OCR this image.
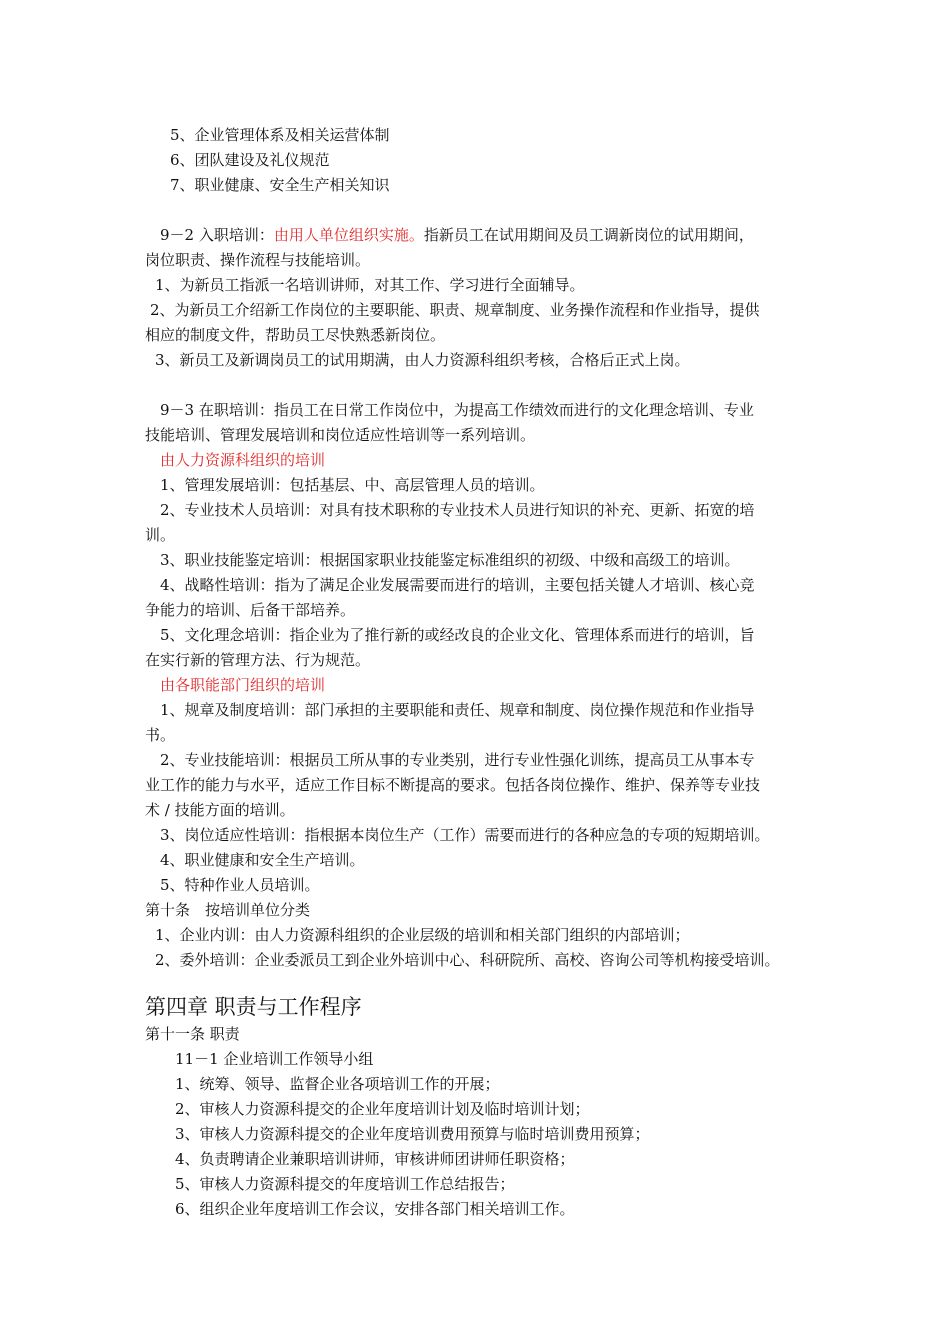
5、企业管理体系及相关运营体制
6、团队建设及礼仪规范
7、职业健康、安全生产相关知识
9－2 入职培训：由用人单位组织实施。指新员工在试用期间及员工调新岗位的试用期间，
岗位职责、操作流程与技能培训。
1、为新员工指派一名培训讲师，对其工作、学习进行全面辅导。
2、为新员工介绍新工作岗位的主要职能、职责、规章制度、业务操作流程和作业指导，提供
相应的制度文件，帮助员工尽快熟悉新岗位。
3、新员工及新调岗员工的试用期满，由人力资源科组织考核，合格后正式上岗。
9－3 在职培训：指员工在日常工作岗位中，为提高工作绩效而进行的文化理念培训、专业
技能培训、管理发展培训和岗位适应性培训等一系列培训。
由人力资源科组织的培训
1、管理发展培训：包括基层、中、高层管理人员的培训。
2、专业技术人员培训：对具有技术职称的专业技术人员进行知识的补充、更新、拓宽的培
训。
3、职业技能鉴定培训：根据国家职业技能鉴定标准组织的初级、中级和高级工的培训。
4、战略性培训：指为了满足企业发展需要而进行的培训，主要包括关键人才培训、核心竞
争能力的培训、后备干部培养。
5、文化理念培训：指企业为了推行新的或经改良的企业文化、管理体系而进行的培训，旨
在实行新的管理方法、行为规范。
由各职能部门组织的培训
1、规章及制度培训：部门承担的主要职能和责任、规章和制度、岗位操作规范和作业指导
书。
2、专业技能培训：根据员工所从事的专业类别，进行专业性强化训练，提高员工从事本专
业工作的能力与水平，适应工作目标不断提高的要求。包括各岗位操作、维护、保养等专业技
术 / 技能方面的培训。
3、岗位适应性培训：指根据本岗位生产（工作）需要而进行的各种应急的专项的短期培训。
4、职业健康和安全生产培训。
5、特种作业人员培训。
第十条　按培训单位分类
1、企业内训：由人力资源科组织的企业层级的培训和相关部门组织的内部培训；
2、委外培训：企业委派员工到企业外培训中心、科研院所、高校、咨询公司等机构接受培训。
第十一条 职责
11－1 企业培训工作领导小组
1、统筹、领导、监督企业各项培训工作的开展；
2、审核人力资源科提交的企业年度培训计划及临时培训计划；
3、审核人力资源科提交的企业年度培训费用预算与临时培训费用预算；
4、负责聘请企业兼职培训讲师，审核讲师团讲师任职资格；
5、审核人力资源科提交的年度培训工作总结报告；
6、组织企业年度培训工作会议，安排各部门相关培训工作。
第四章 职责与工作程序
